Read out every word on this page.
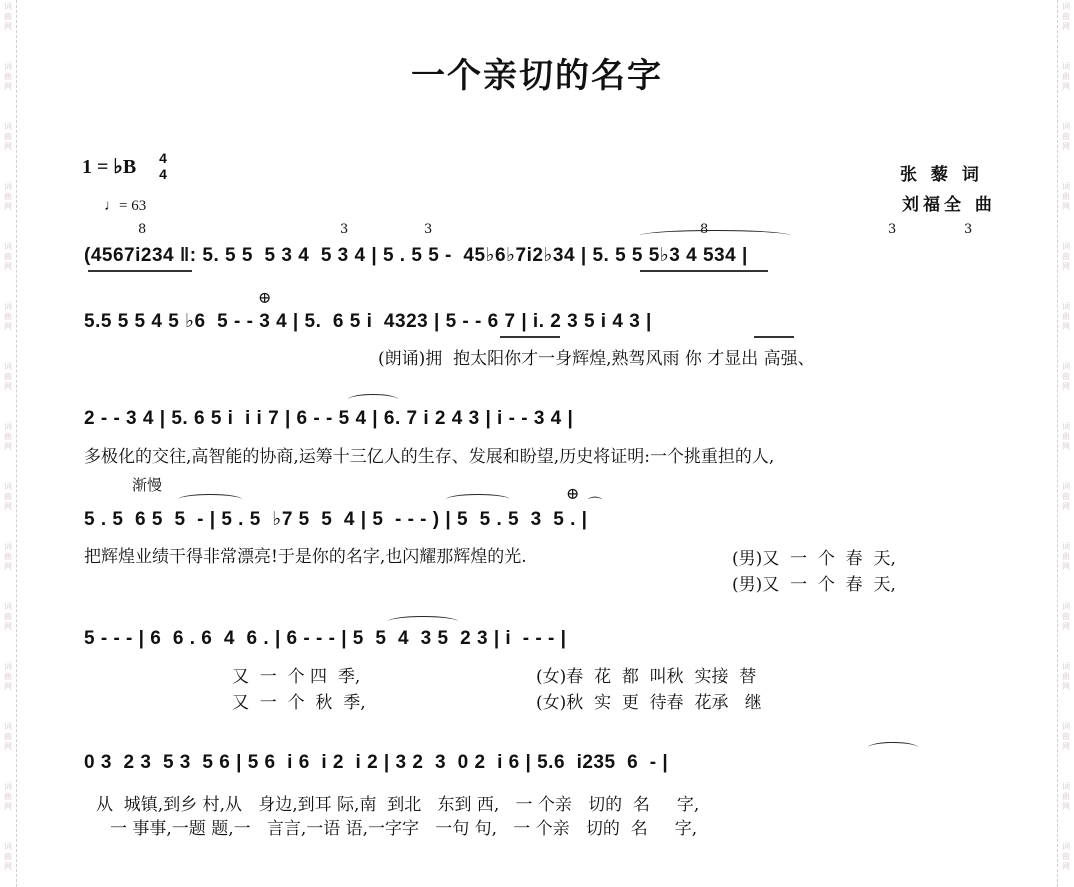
词曲网
词曲网
词曲网
词曲网
词曲网
词曲网
词曲网
词曲网
词曲网
词曲网
词曲网
词曲网
词曲网
词曲网
词曲网
词曲网
词曲网
词曲网
词曲网
词曲网
词曲网
词曲网
词曲网
词曲网
词曲网
词曲网
词曲网
词曲网
词曲网
词曲网
一个亲切的名字
1 = ♭B 4
4
♩= 63
张 藜 词
刘福全 曲
8	3	3	8	3	3
(4567i234 ‖: 5. 5 5  5 3 4  5 3 4 | 5 . 5 5 -  45♭6♭7i2♭34 | 5. 5 5 5♭3 4 534 |
5.5 5 5 4 5 ♭6  5 - - 3 4 | 5.  6 5 i  4323 | 5 - - 6 7 | i. 2 3 5 i 4 3 |
⊕
(朗诵)拥  抱太阳你才一身辉煌,熟驾风雨 你 才显出 高强、
2 - - 3 4 | 5. 6 5 i  i i 7 | 6 - - 5 4 | 6. 7 i 2 4 3 | i - - 3 4 |
多极化的交往,高智能的协商,运筹十三亿人的生存、发展和盼望,历史将证明:一个挑重担的人,
渐慢	⊕
⌒
5 . 5  6 5  5  - | 5 . 5  ♭7 5  5  4 | 5  - - - ) | 5  5 . 5  3  5 . |
把辉煌业绩干得非常漂亮!于是你的名字,也闪耀那辉煌的光.	(男)又  一  个  春  天,
(男)又  一  个  春  天,
5 - - - | 6  6 . 6  4  6 . | 6 - - - | 5  5  4  3 5  2 3 | i  - - - |
又  一  个 四  季,	(女)春  花  都  叫秋  实接  替
又  一  个  秋  季,	(女)秋  实  更  待春  花承   继
0 3  2 3  5 3  5 6 | 5 6  i 6  i 2  i 2 | 3 2  3  0 2  i 6 | 5.6  i235  6  - |
从  城镇,到乡 村,从   身边,到耳 际,南  到北   东到 西,   一 个亲   切的  名     字,
一 事事,一题 题,一   言言,一语 语,一字字   一句 句,   一 个亲   切的  名     字,
